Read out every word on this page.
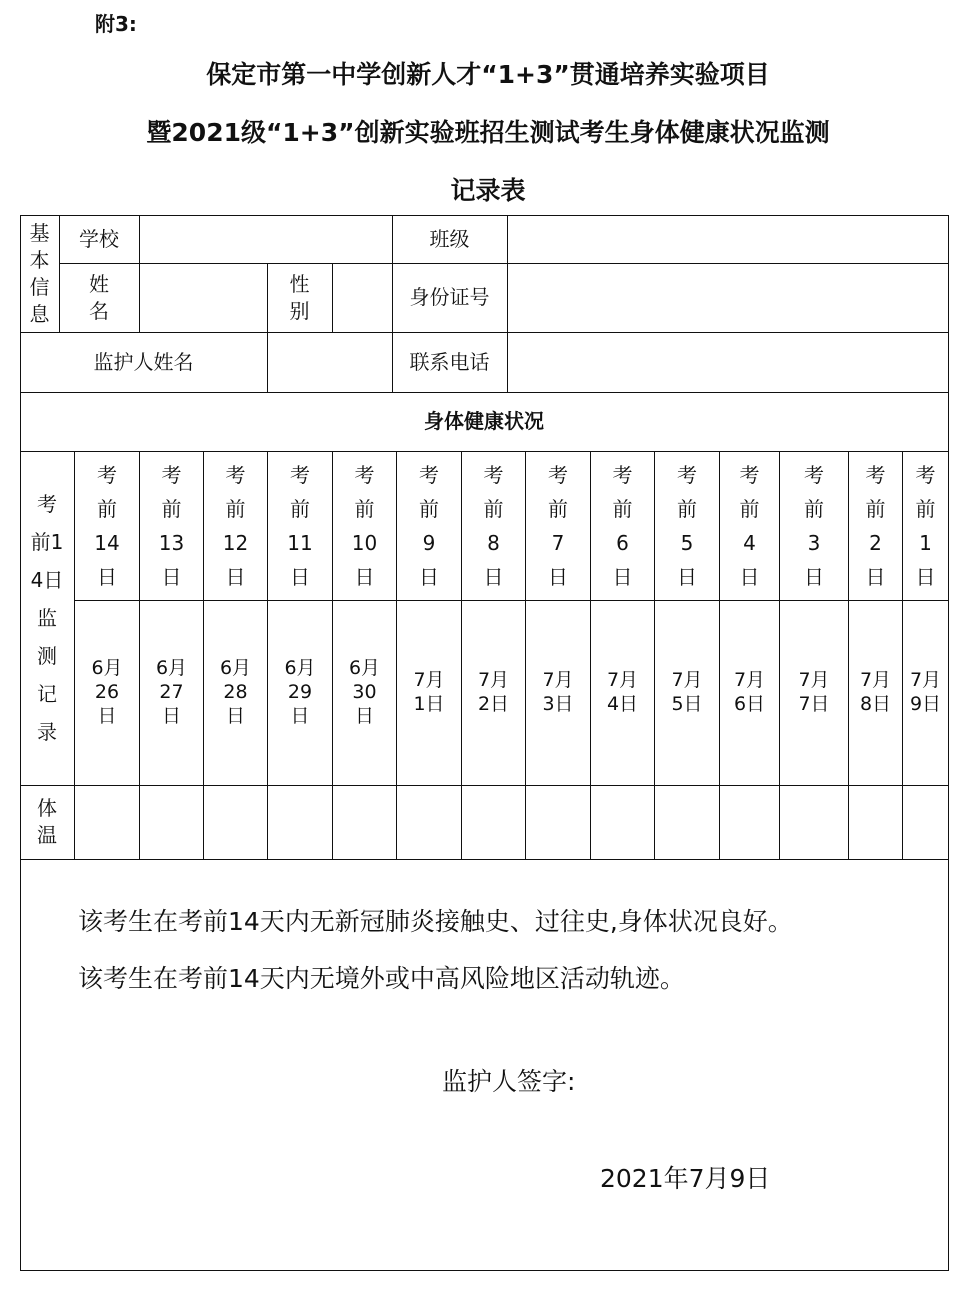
附3:
保定市第一中学创新人才“1+3”贯通培养实验项目
暨2021级“1+3”创新实验班招生测试考生身体健康状况监测
记录表
基本信息
学校	班级
姓名
性别
身份证号
监护人姓名	联系电话
身体健康状况
考前14日监测记录
考
前
14
日
考
前
13
日
考
前
12
日
考
前
11
日
考
前
10
日
考
前
9
日
考
前
8
日
考
前
7
日
考
前
6
日
考
前
5
日
考
前
4
日
考
前
3
日
考
前
2
日
考
前
1
日
6月26日
6月27日
6月28日
6月29日
6月30日
7月1日
7月2日
7月3日
7月4日
7月5日
7月6日
7月7日
7月8日
7月9日
体温
该考生在考前14天内无新冠肺炎接触史、过往史,身体状况良好。
该考生在考前14天内无境外或中高风险地区活动轨迹。
监护人签字:
2021年7月9日
